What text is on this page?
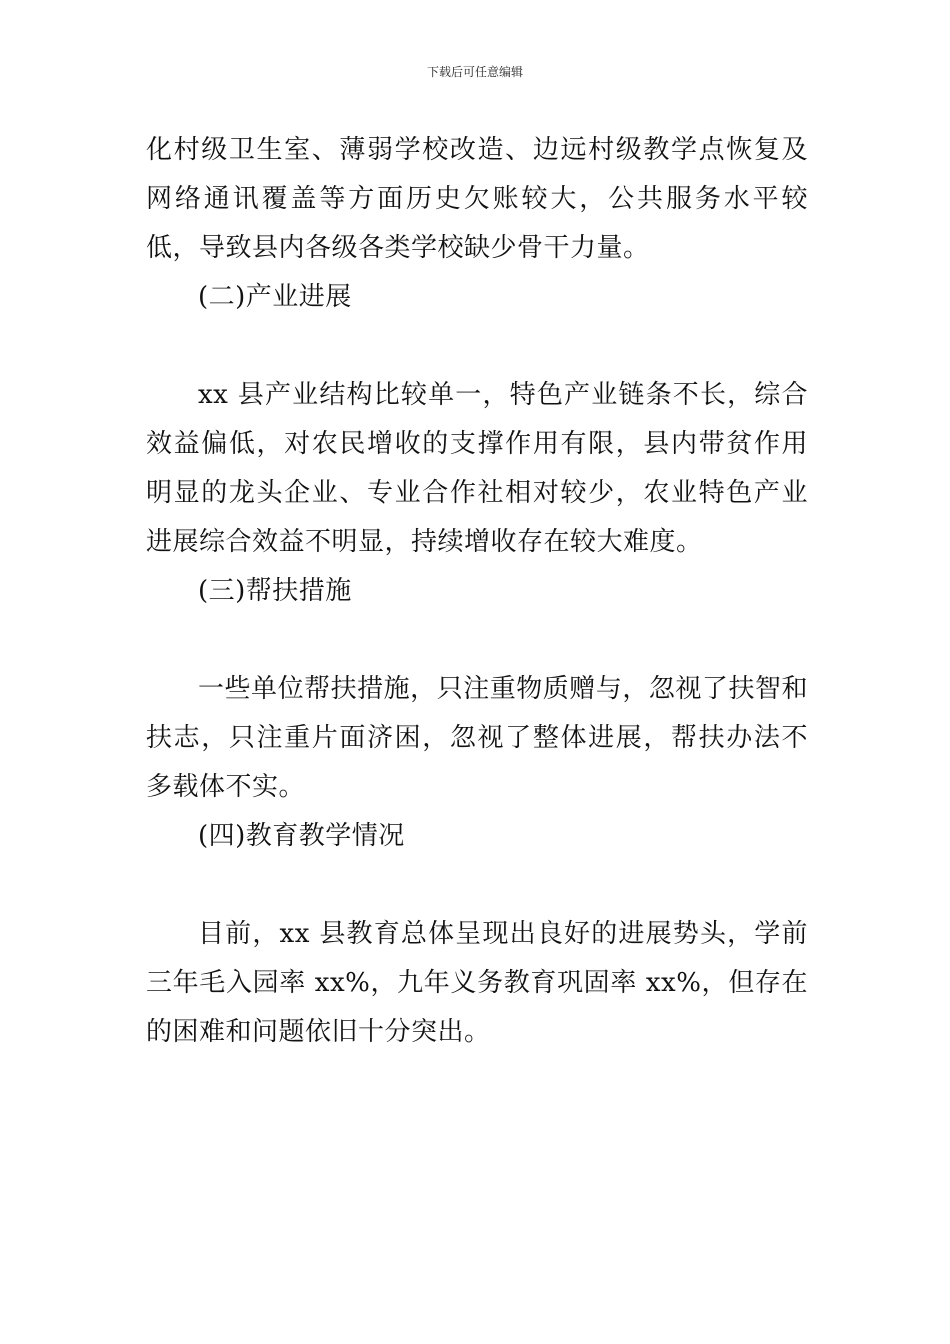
下载后可任意编辑

化村级卫生室、薄弱学校改造、边远村级教学点恢复及网络通讯覆盖等方面历史欠账较大，公共服务水平较低，导致县内各级各类学校缺少骨干力量。

(二)产业进展

xx 县产业结构比较单一，特色产业链条不长，综合效益偏低，对农民增收的支撑作用有限，县内带贫作用明显的龙头企业、专业合作社相对较少，农业特色产业进展综合效益不明显，持续增收存在较大难度。

(三)帮扶措施

一些单位帮扶措施，只注重物质赠与，忽视了扶智和扶志，只注重片面济困，忽视了整体进展，帮扶办法不多载体不实。

(四)教育教学情况

目前，xx 县教育总体呈现出良好的进展势头，学前三年毛入园率 xx%，九年义务教育巩固率 xx%，但存在的困难和问题依旧十分突出。
